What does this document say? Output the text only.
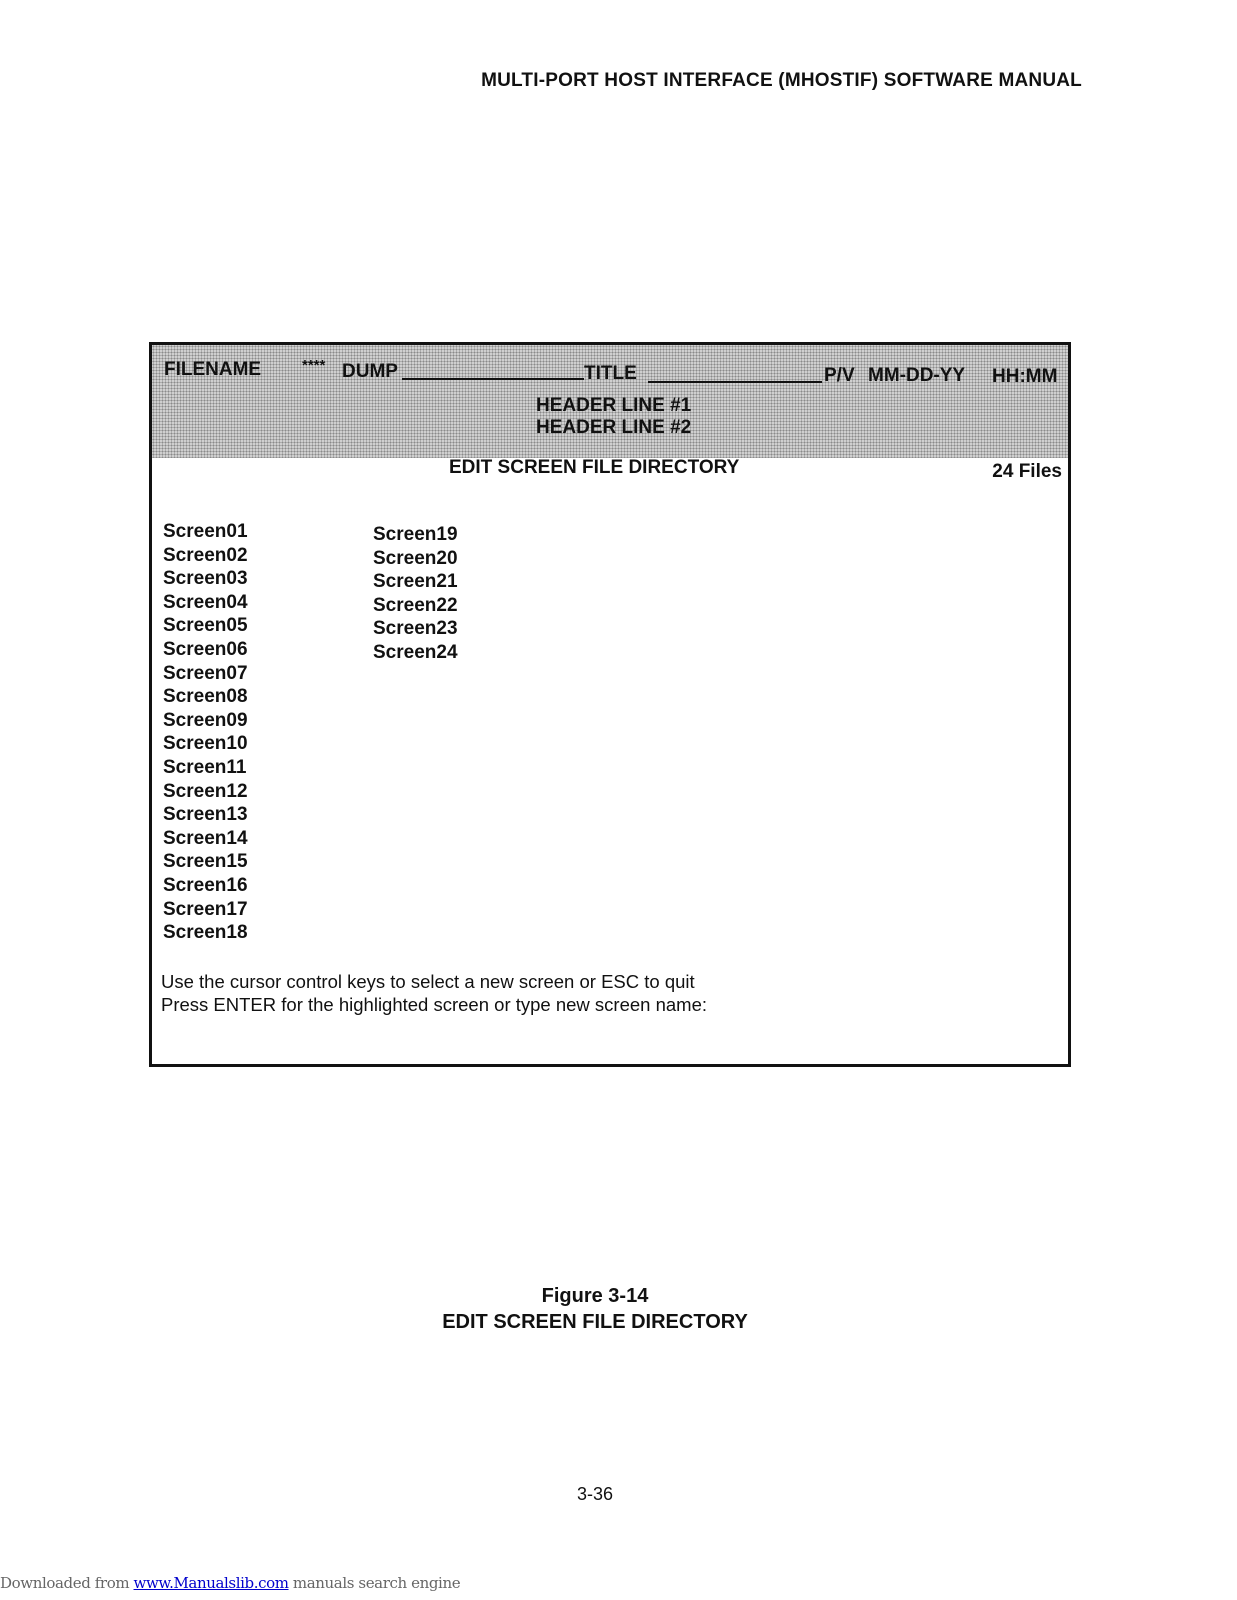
MULTI-PORT HOST INTERFACE (MHOSTIF) SOFTWARE MANUAL
FILENAME	**** DUMP	TITLE	P/V MM-DD-YY HH:MM
HEADER LINE #1
HEADER LINE #2
EDIT SCREEN FILE DIRECTORY	24 Files
Screen01
Screen02
Screen03
Screen04
Screen05
Screen06
Screen07
Screen08
Screen09
Screen10
Screen11
Screen12
Screen13
Screen14
Screen15
Screen16
Screen17
Screen18
Screen19
Screen20
Screen21
Screen22
Screen23
Screen24
Use the cursor control keys to select a new screen or ESC to quit
Press ENTER for the highlighted screen or type new screen name:
Figure 3-14
EDIT SCREEN FILE DIRECTORY
3-36
Downloaded from www.Manualslib.com manuals search engine
